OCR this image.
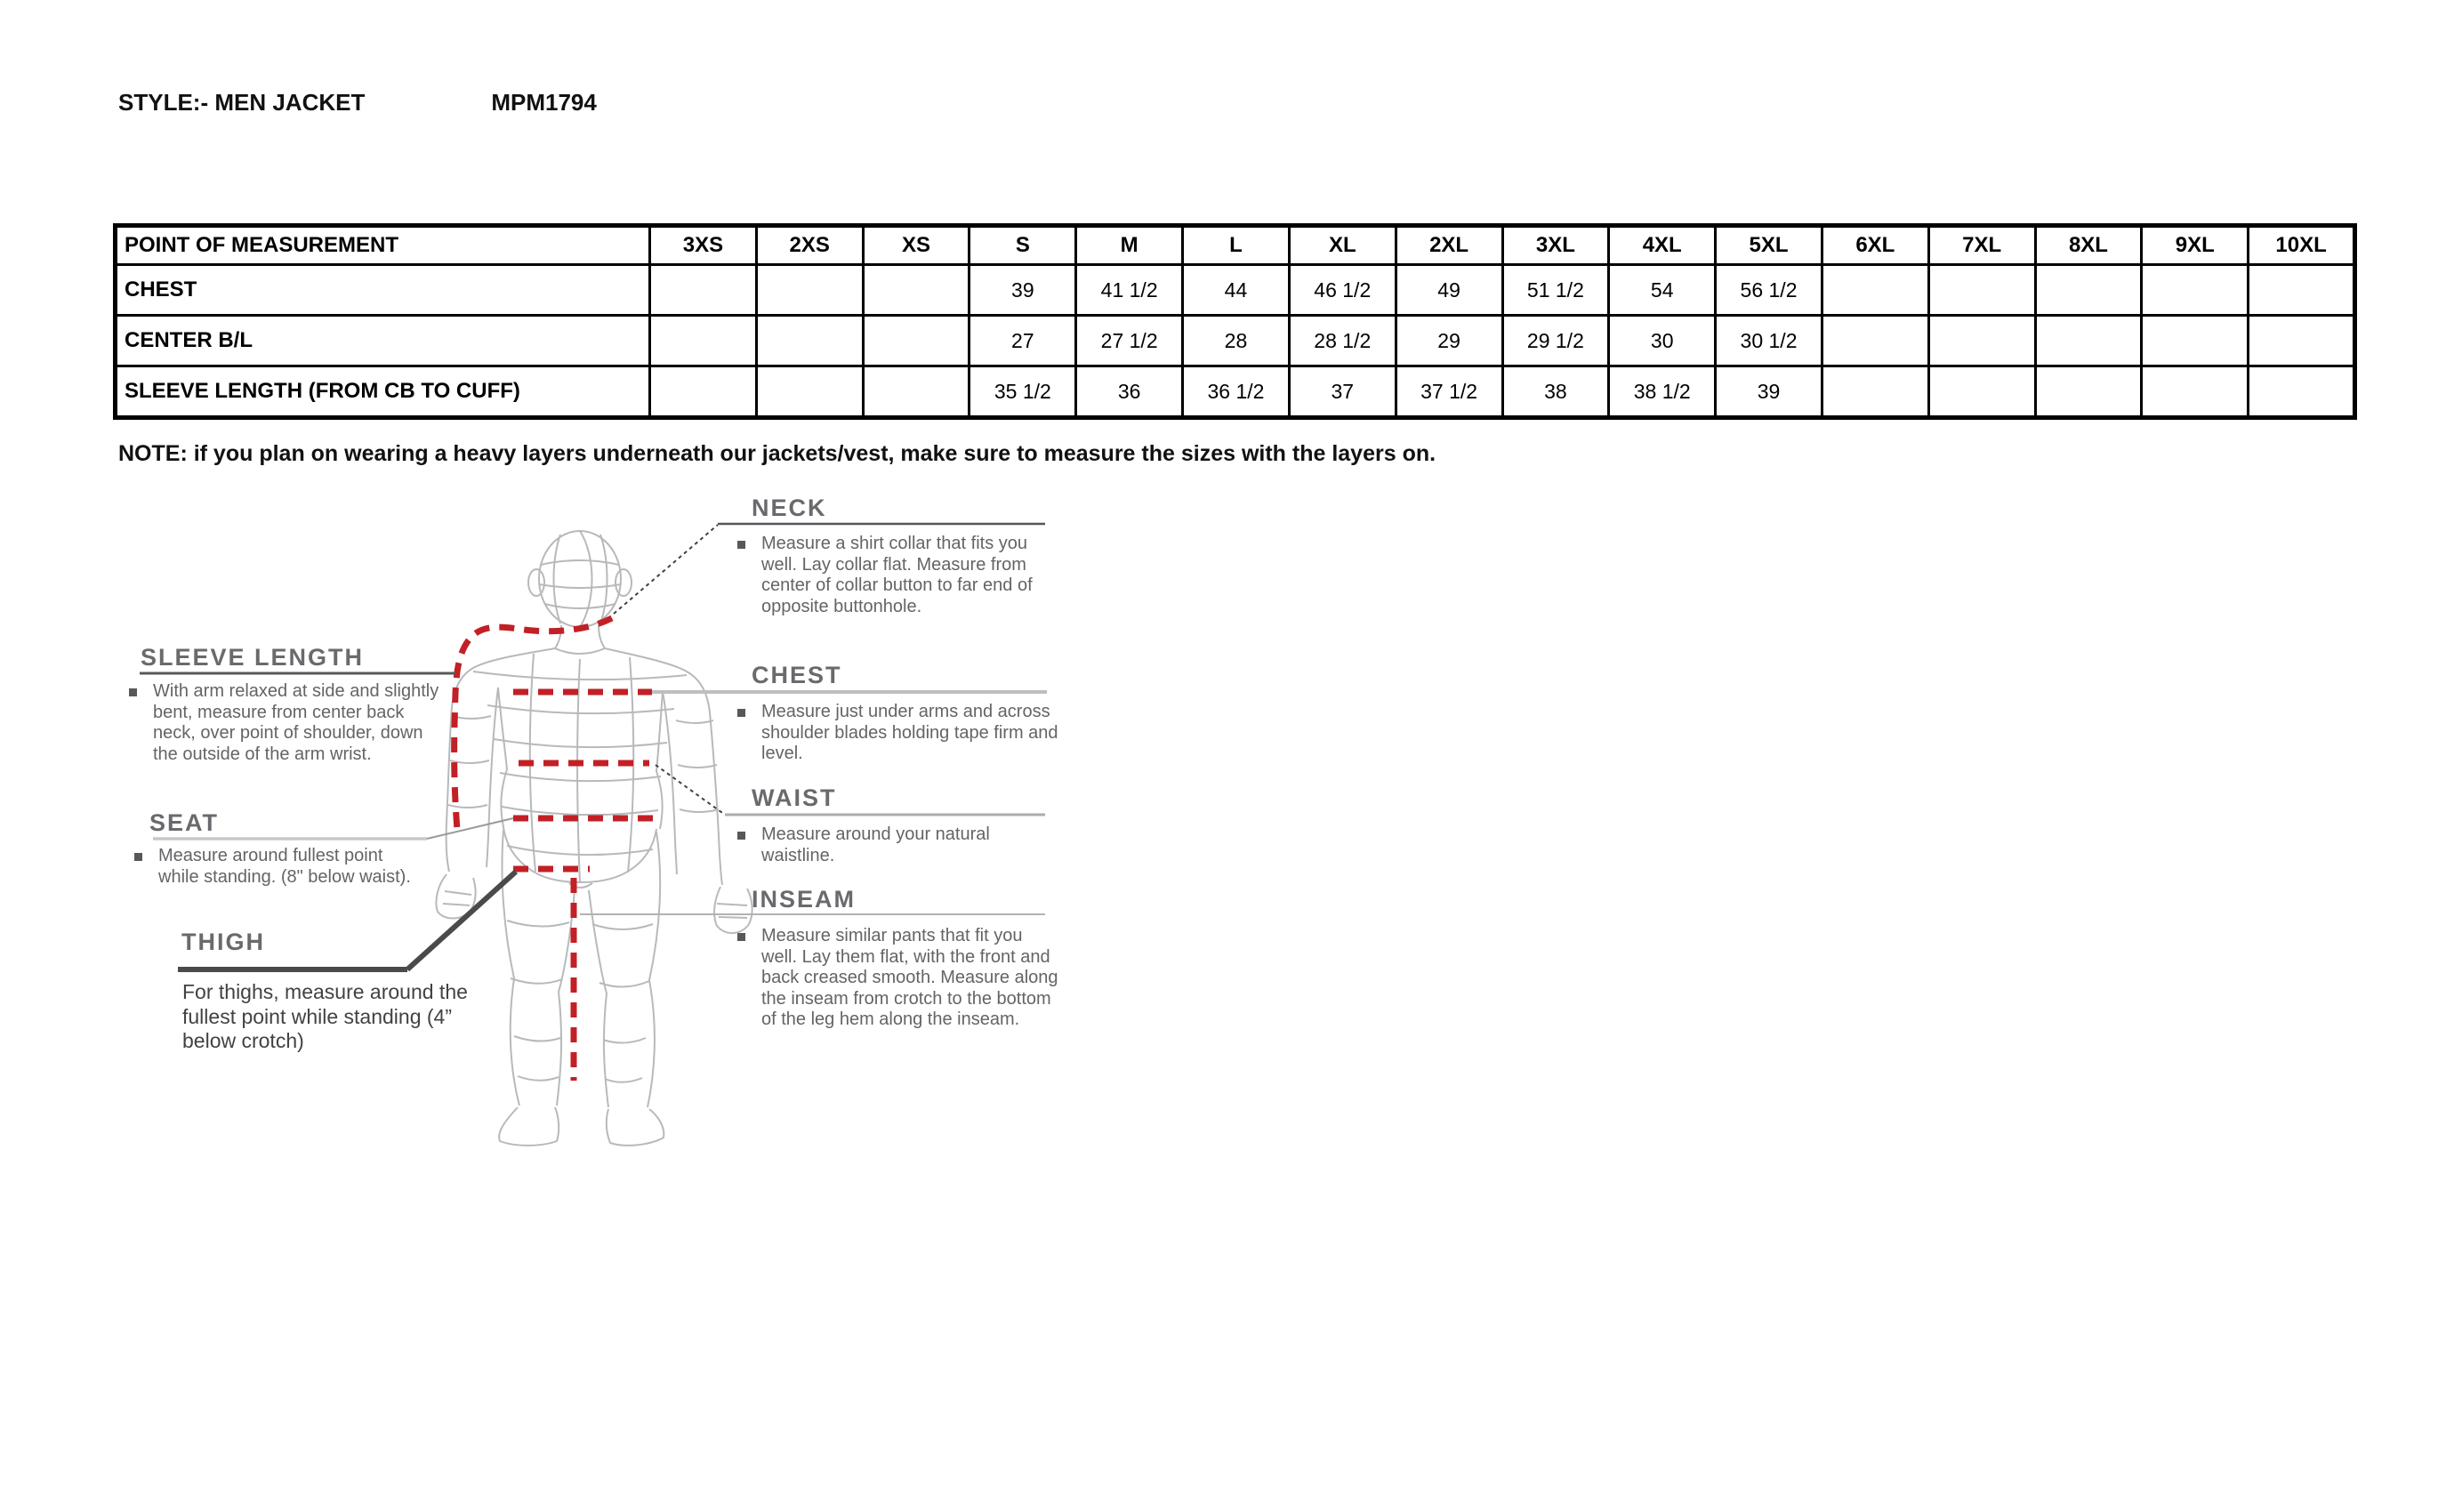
STYLE:- MEN JACKET	MPM1794
POINT OF MEASUREMENT	3XS	2XS	XS	S	M	L	XL	2XL	3XL	4XL	5XL	6XL	7XL	8XL	9XL	10XL
CHEST				39	41 1/2	44	46 1/2	49	51 1/2	54	56 1/2					
CENTER B/L				27	27 1/2	28	28 1/2	29	29 1/2	30	30 1/2					
SLEEVE LENGTH (FROM CB TO CUFF)				35 1/2	36	36 1/2	37	37 1/2	38	38 1/2	39					
NOTE: if you plan on wearing a heavy layers underneath our jackets/vest, make sure to measure the sizes with the layers on.
SLEEVE LENGTH
With arm relaxed at side and slightly bent, measure from center back neck, over point of shoulder, down the outside of the arm wrist.
SEAT
Measure around fullest point while standing. (8" below waist).
THIGH
For thighs, measure around the fullest point while standing (4” below crotch)
NECK
Measure a shirt collar that fits you well. Lay collar flat. Measure from center of collar button to far end of opposite buttonhole.
CHEST
Measure just under arms and across shoulder blades holding tape firm and level.
WAIST
Measure around your natural waistline.
INSEAM
Measure similar pants that fit you well. Lay them flat, with the front and back creased smooth. Measure along the inseam from crotch to the bottom of the leg hem along the inseam.
